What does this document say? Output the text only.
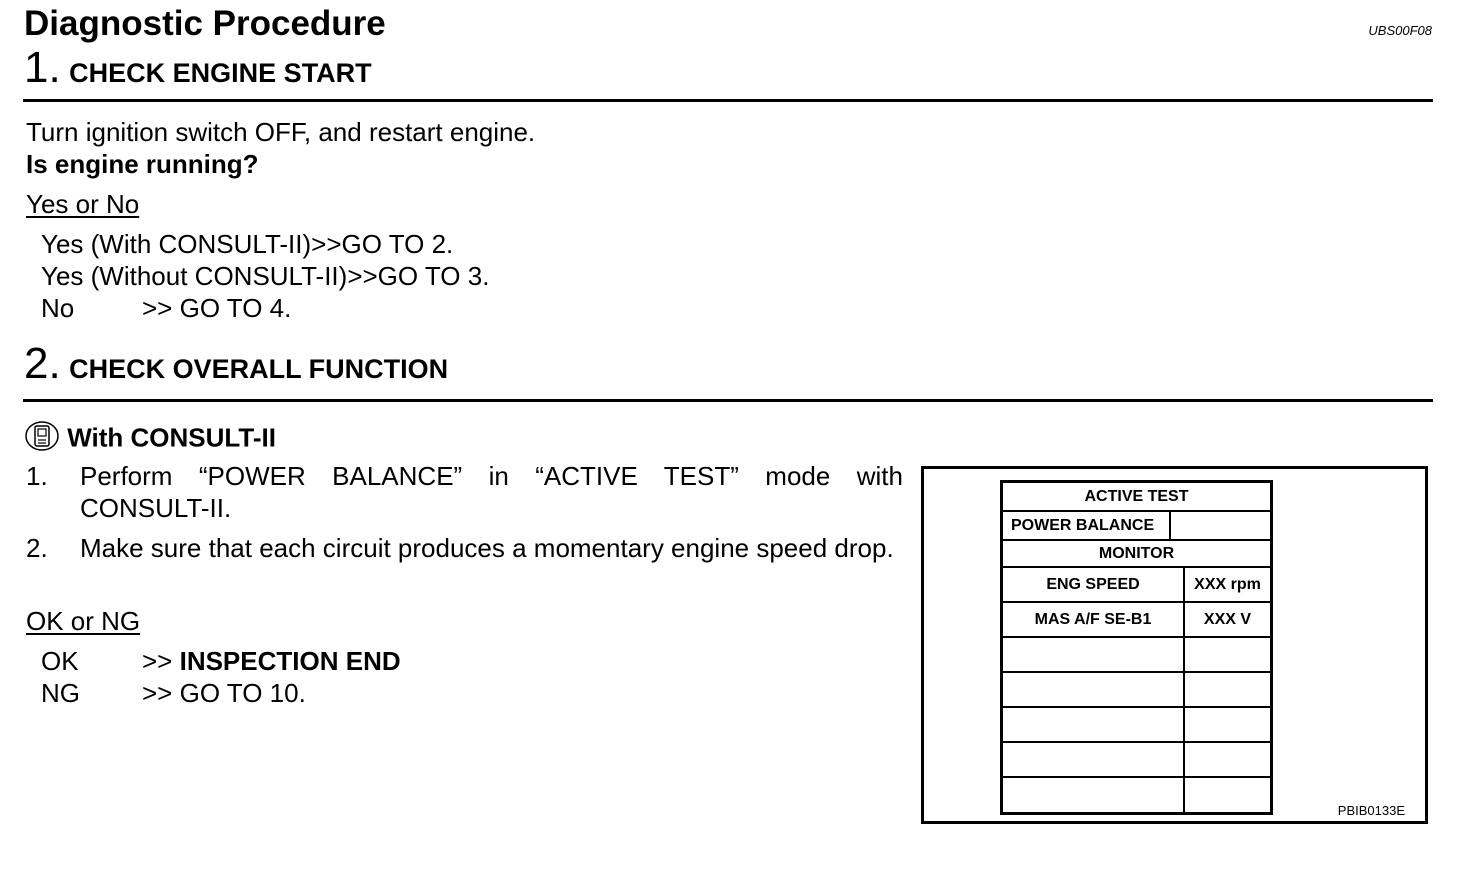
Diagnostic Procedure	UBS00F08
1. CHECK ENGINE START
Turn ignition switch OFF, and restart engine.
Is engine running?
Yes or No
Yes (With CONSULT-II)>>GO TO 2.
Yes (Without CONSULT-II)>>GO TO 3.
No	>> GO TO 4.
2. CHECK OVERALL FUNCTION
With CONSULT-II
1. Perform “POWER BALANCE” in “ACTIVE TEST” mode with CONSULT-II.
2. Make sure that each circuit produces a momentary engine speed drop.
OK or NG
OK >> INSPECTION END
NG >> GO TO 10.
ACTIVE TEST
POWER BALANCE
MONITOR
ENG SPEED	XXX rpm
MAS A/F SE-B1	XXX V
PBIB0133E
